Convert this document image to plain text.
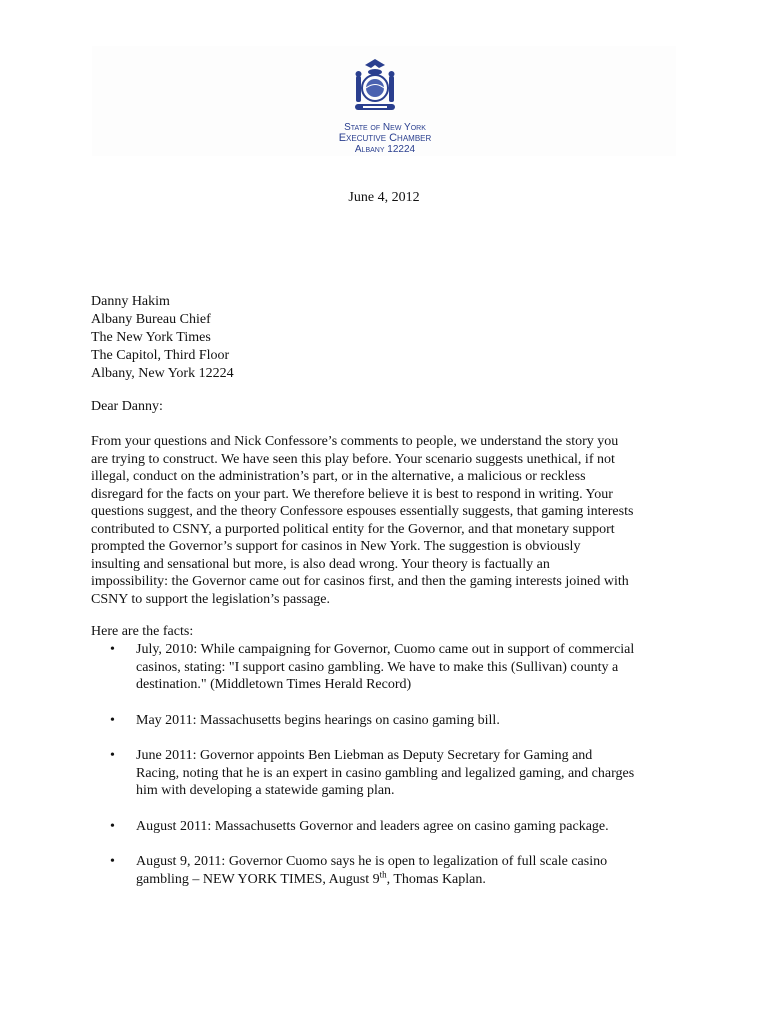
State of New York
Executive Chamber
Albany 12224
June 4, 2012
Danny Hakim
Albany Bureau Chief
The New York Times
The Capitol, Third Floor
Albany, New York 12224
Dear Danny:
From your questions and Nick Confessore’s comments to people, we understand the story you
are trying to construct. We have seen this play before. Your scenario suggests unethical, if not
illegal, conduct on the administration’s part, or in the alternative, a malicious or reckless
disregard for the facts on your part. We therefore believe it is best to respond in writing. Your
questions suggest, and the theory Confessore espouses essentially suggests, that gaming interests
contributed to CSNY, a purported political entity for the Governor, and that monetary support
prompted the Governor’s support for casinos in New York. The suggestion is obviously
insulting and sensational but more, is also dead wrong. Your theory is factually an
impossibility: the Governor came out for casinos first, and then the gaming interests joined with
CSNY to support the legislation’s passage.
Here are the facts:
• July, 2010: While campaigning for Governor, Cuomo came out in support of commercial
casinos, stating: "I support casino gambling. We have to make this (Sullivan) county a
destination." (Middletown Times Herald Record)
• May 2011: Massachusetts begins hearings on casino gaming bill.
• June 2011: Governor appoints Ben Liebman as Deputy Secretary for Gaming and
Racing, noting that he is an expert in casino gambling and legalized gaming, and charges
him with developing a statewide gaming plan.
• August 2011: Massachusetts Governor and leaders agree on casino gaming package.
• August 9, 2011: Governor Cuomo says he is open to legalization of full scale casino
gambling – NEW YORK TIMES, August 9th, Thomas Kaplan.
